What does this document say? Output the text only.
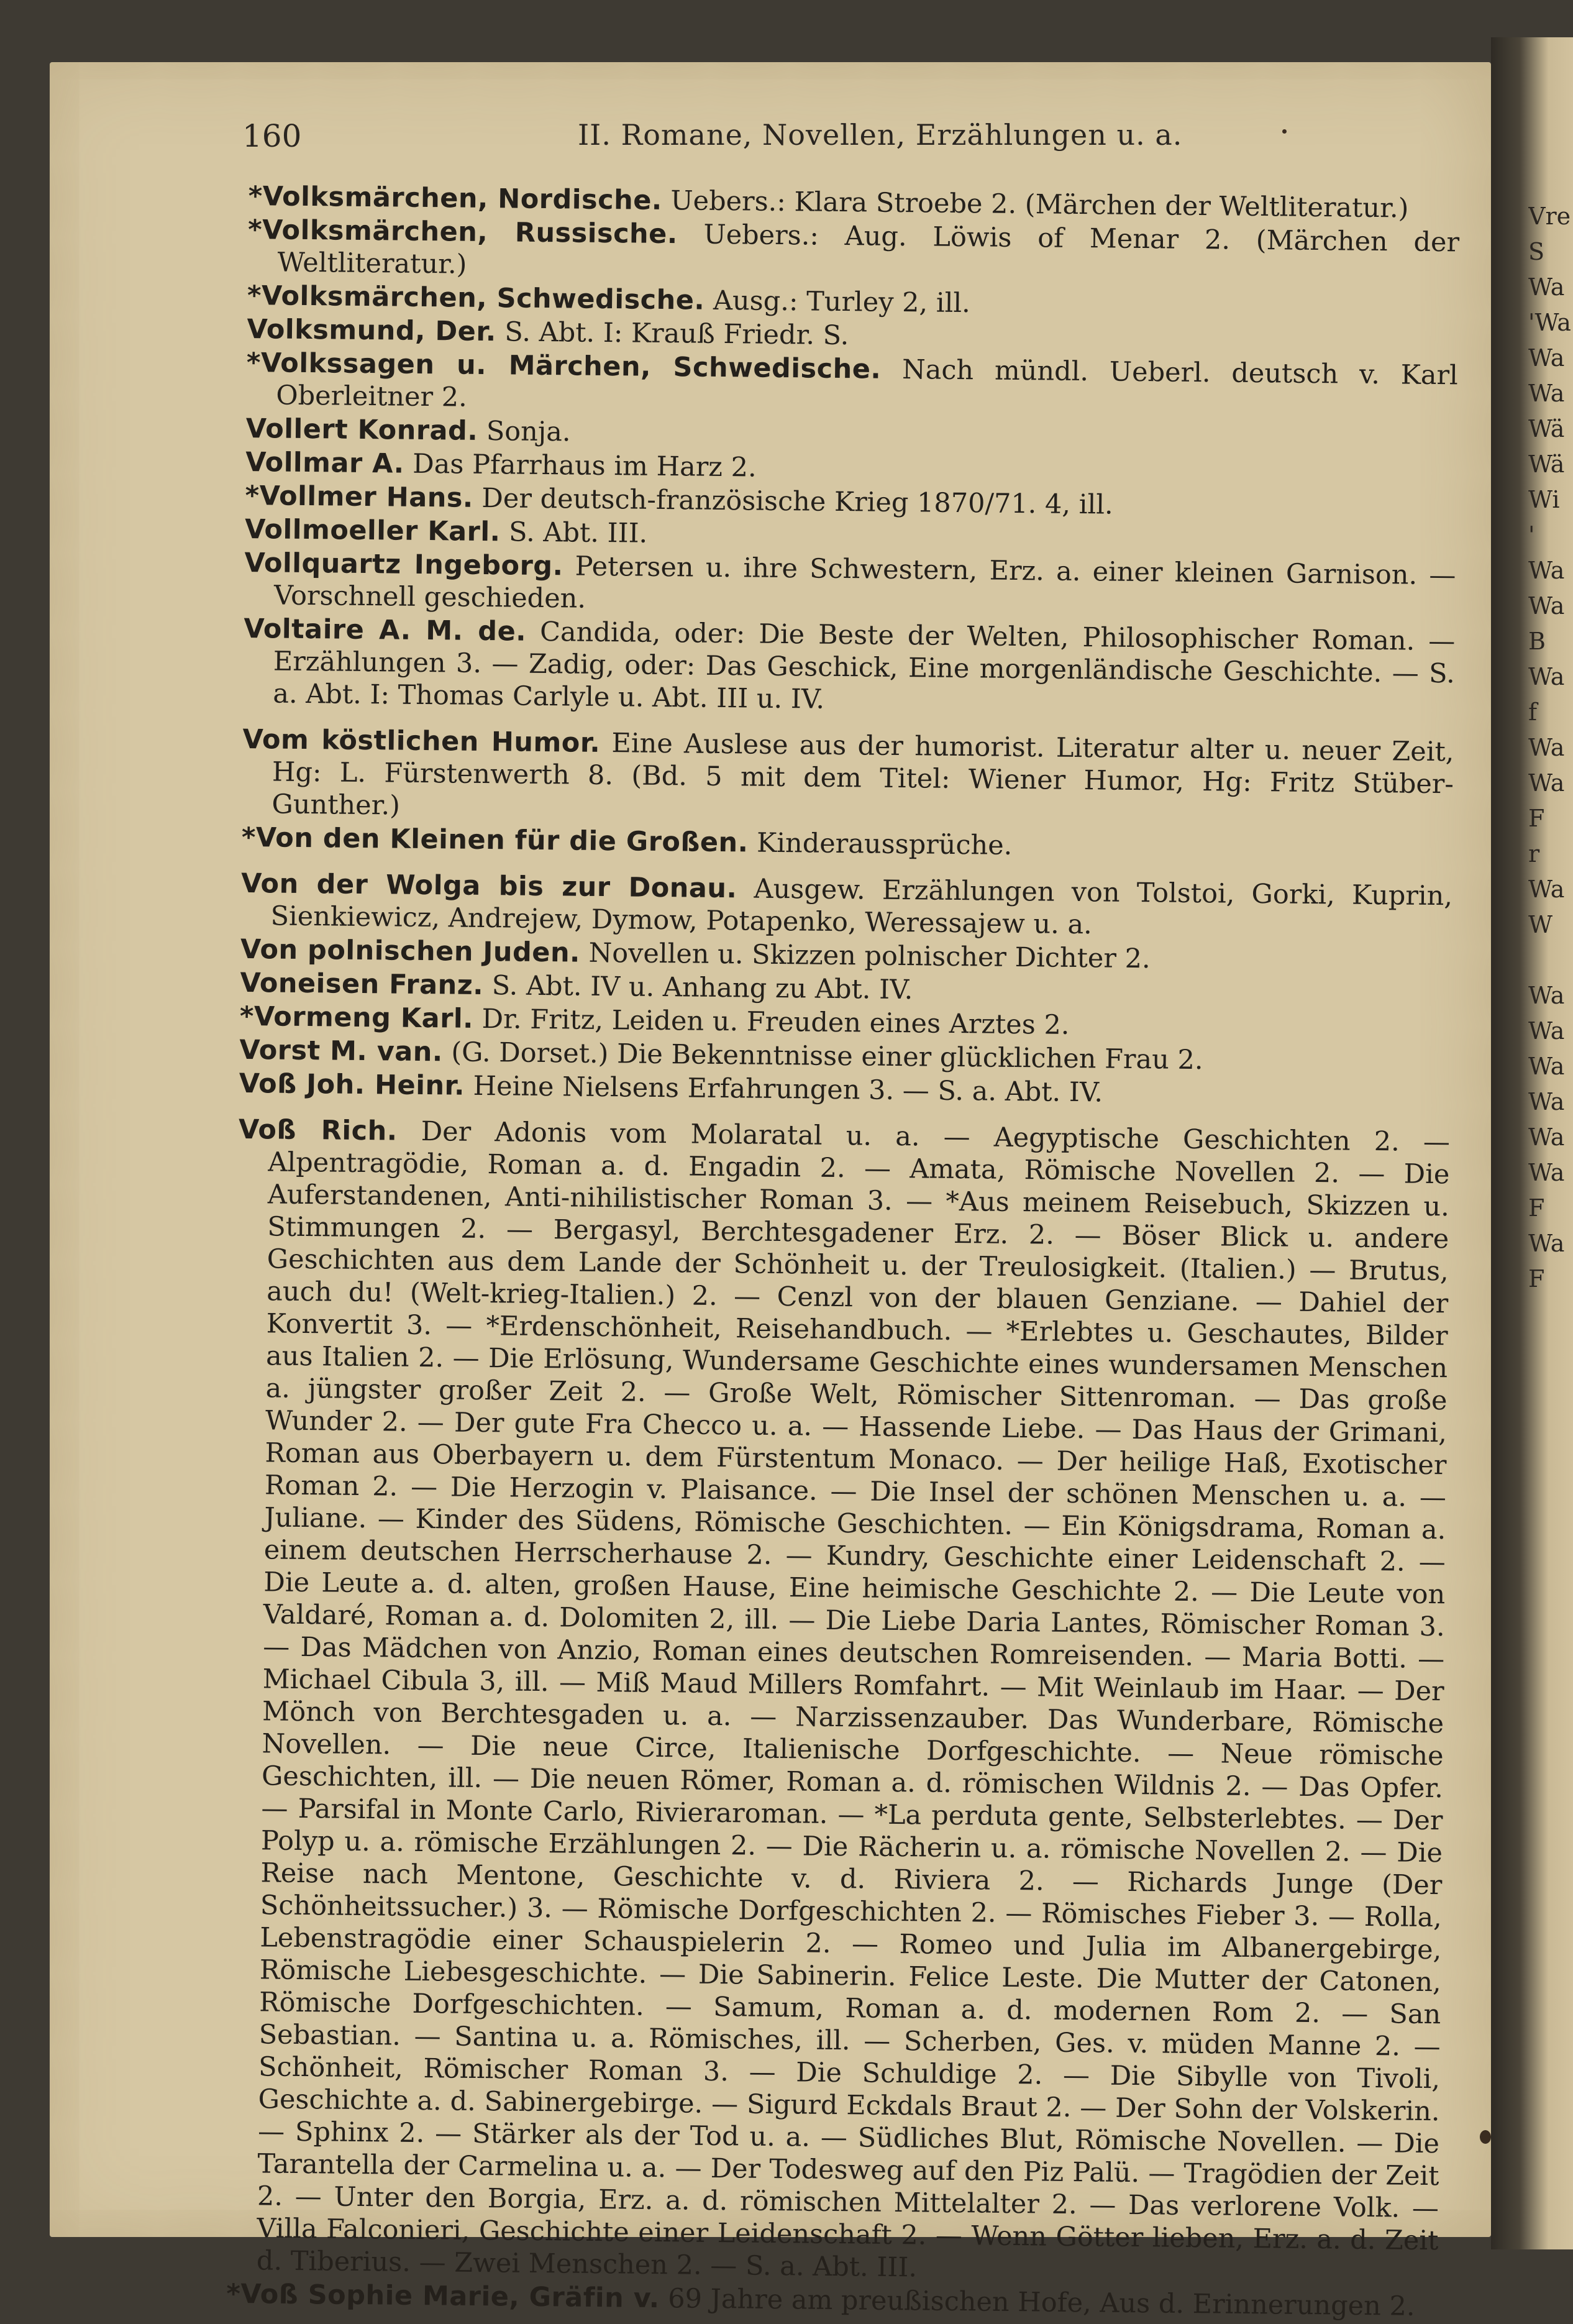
160	II. Romane, Novellen, Erzählungen u. a.

*Volksmärchen, Nordische. Uebers.: Klara Stroebe 2. (Märchen der Weltliteratur.)

*Volksmärchen, Russische. Uebers.: Aug. Löwis of Menar 2. (Märchen der Weltliteratur.)

*Volksmärchen, Schwedische. Ausg.: Turley 2, ill.

Volksmund, Der. S. Abt. I: Krauß Friedr. S.

*Volkssagen u. Märchen, Schwedische. Nach mündl. Ueberl. deutsch v. Karl Oberleitner 2.

Vollert Konrad. Sonja.

Vollmar A. Das Pfarrhaus im Harz 2.

*Vollmer Hans. Der deutsch-französische Krieg 1870/71. 4, ill.

Vollmoeller Karl. S. Abt. III.

Vollquartz Ingeborg. Petersen u. ihre Schwestern, Erz. a. einer kleinen Garnison. — Vorschnell geschieden.

Voltaire A. M. de. Candida, oder: Die Beste der Welten, Philosophischer Roman. — Erzählungen 3. — Zadig, oder: Das Geschick, Eine morgenländische Geschichte. — S. a. Abt. I: Thomas Carlyle u. Abt. III u. IV.

Vom köstlichen Humor. Eine Auslese aus der humorist. Literatur alter u. neuer Zeit, Hg: L. Fürstenwerth 8. (Bd. 5 mit dem Titel: Wiener Humor, Hg: Fritz Stüber-Gunther.)

*Von den Kleinen für die Großen. Kinderaussprüche.

Von der Wolga bis zur Donau. Ausgew. Erzählungen von Tolstoi, Gorki, Kuprin, Sienkiewicz, Andrejew, Dymow, Potapenko, Weressajew u. a.

Von polnischen Juden. Novellen u. Skizzen polnischer Dichter 2.

Voneisen Franz. S. Abt. IV u. Anhang zu Abt. IV.

*Vormeng Karl. Dr. Fritz, Leiden u. Freuden eines Arztes 2.

Vorst M. van. (G. Dorset.) Die Bekenntnisse einer glücklichen Frau 2.

Voß Joh. Heinr. Heine Nielsens Erfahrungen 3. — S. a. Abt. IV.

Voß Rich. Der Adonis vom Molaratal u. a. — Aegyptische Geschichten 2. — Alpentragödie, Roman a. d. Engadin 2. — Amata, Römische Novellen 2. — Die Auferstandenen, Anti-nihilistischer Roman 3. — *Aus meinem Reisebuch, Skizzen u. Stimmungen 2. — Bergasyl, Berchtesgadener Erz. 2. — Böser Blick u. andere Geschichten aus dem Lande der Schönheit u. der Treulosigkeit. (Italien.) — Brutus, auch du! (Welt-krieg-Italien.) 2. — Cenzl von der blauen Genziane. — Dahiel der Konvertit 3. — *Erdenschönheit, Reisehandbuch. — *Erlebtes u. Geschautes, Bilder aus Italien 2. — Die Erlösung, Wundersame Geschichte eines wundersamen Menschen a. jüngster großer Zeit 2. — Große Welt, Römischer Sittenroman. — Das große Wunder 2. — Der gute Fra Checco u. a. — Hassende Liebe. — Das Haus der Grimani, Roman aus Oberbayern u. dem Fürstentum Monaco. — Der heilige Haß, Exotischer Roman 2. — Die Herzogin v. Plaisance. — Die Insel der schönen Menschen u. a. — Juliane. — Kinder des Südens, Römische Geschichten. — Ein Königsdrama, Roman a. einem deutschen Herrscherhause 2. — Kundry, Geschichte einer Leidenschaft 2. — Die Leute a. d. alten, großen Hause, Eine heimische Geschichte 2. — Die Leute von Valdaré, Roman a. d. Dolomiten 2, ill. — Die Liebe Daria Lantes, Römischer Roman 3. — Das Mädchen von Anzio, Roman eines deutschen Romreisenden. — Maria Botti. — Michael Cibula 3, ill. — Miß Maud Millers Romfahrt. — Mit Weinlaub im Haar. — Der Mönch von Berchtesgaden u. a. — Narzissenzauber. Das Wunderbare, Römische Novellen. — Die neue Circe, Italienische Dorfgeschichte. — Neue römische Geschichten, ill. — Die neuen Römer, Roman a. d. römischen Wildnis 2. — Das Opfer. — Parsifal in Monte Carlo, Rivieraroman. — *La perduta gente, Selbsterlebtes. — Der Polyp u. a. römische Erzählungen 2. — Die Rächerin u. a. römische Novellen 2. — Die Reise nach Mentone, Geschichte v. d. Riviera 2. — Richards Junge (Der Schönheitssucher.) 3. — Römische Dorfgeschichten 2. — Römisches Fieber 3. — Rolla, Lebenstragödie einer Schauspielerin 2. — Romeo und Julia im Albanergebirge, Römische Liebesgeschichte. — Die Sabinerin. Felice Leste. Die Mutter der Catonen, Römische Dorfgeschichten. — Samum, Roman a. d. modernen Rom 2. — San Sebastian. — Santina u. a. Römisches, ill. — Scherben, Ges. v. müden Manne 2. — Schönheit, Römischer Roman 3. — Die Schuldige 2. — Die Sibylle von Tivoli, Geschichte a. d. Sabinergebirge. — Sigurd Eckdals Braut 2. — Der Sohn der Volskerin. — Sphinx 2. — Stärker als der Tod u. a. — Südliches Blut, Römische Novellen. — Die Tarantella der Carmelina u. a. — Der Todesweg auf den Piz Palü. — Tragödien der Zeit 2. — Unter den Borgia, Erz. a. d. römischen Mittelalter 2. — Das verlorene Volk. — Villa Falconieri, Geschichte einer Leidenschaft 2. — Wenn Götter lieben, Erz. a. d. Zeit d. Tiberius. — Zwei Menschen 2. — S. a. Abt. III.

*Voß Sophie Marie, Gräfin v. 69 Jahre am preußischen Hofe, Aus d. Erinnerungen 2.

Vre
S
Wa
'Wa
Wa
Wa
Wä
Wä
Wi
'
Wa
Wa
B
Wa
f
Wa
Wa
F
r
Wa
W

Wa
Wa
Wa
Wa
Wa
Wa
F
Wa
F
